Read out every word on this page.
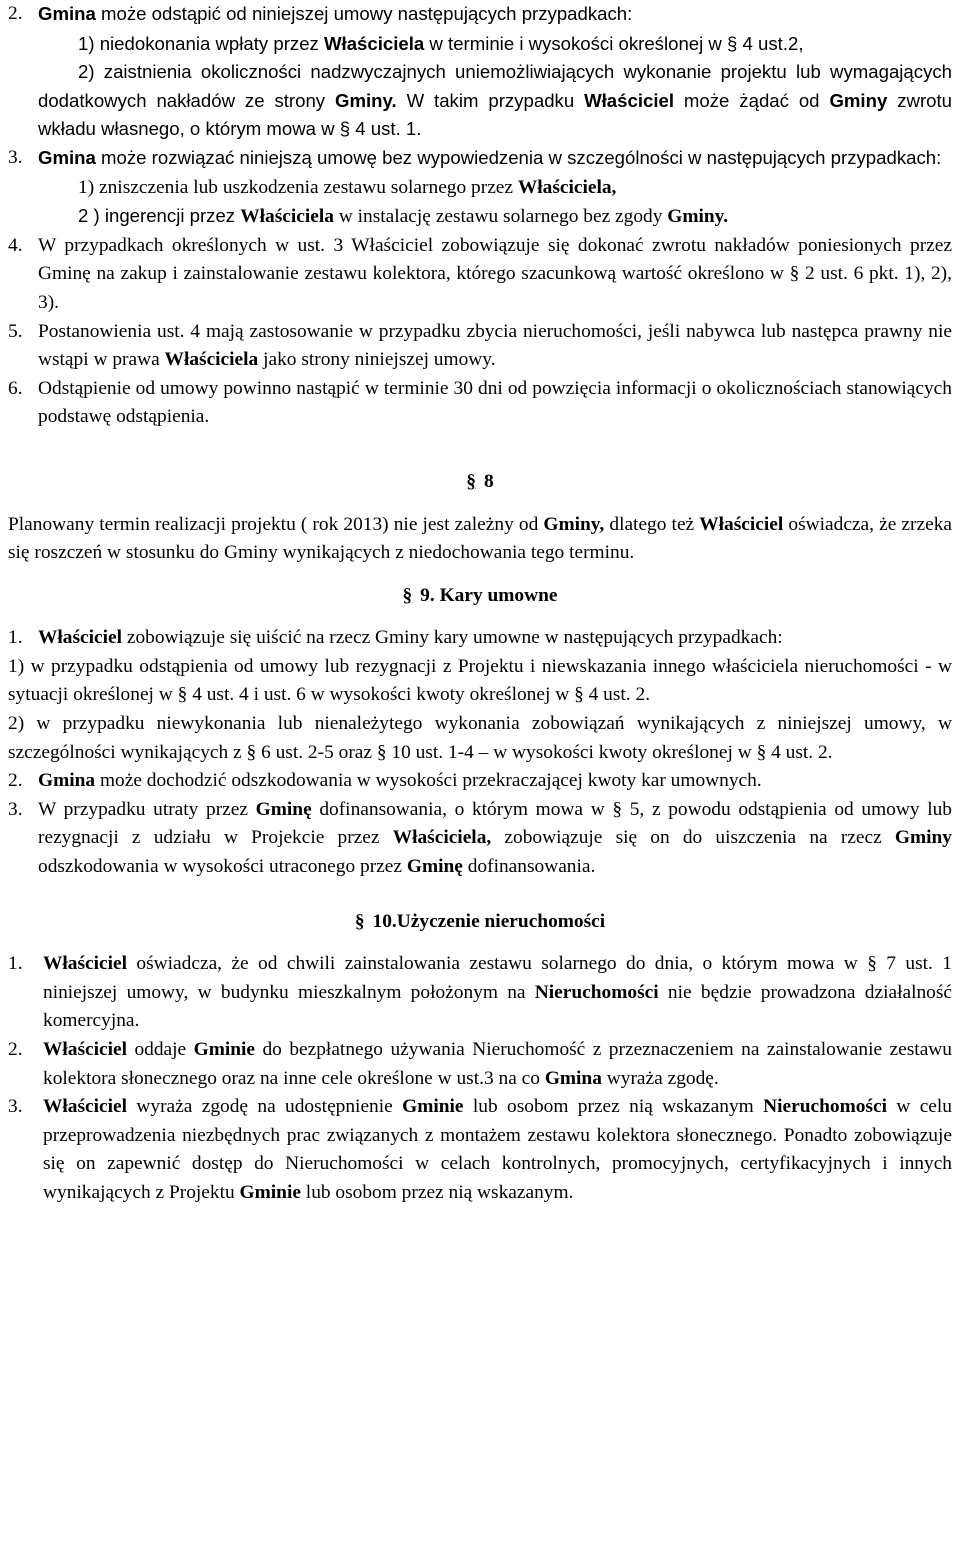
2. Gmina może odstąpić od niniejszej umowy następujących przypadkach:
1) niedokonania wpłaty przez Właściciela w terminie i wysokości określonej w § 4 ust.2,
2) zaistnienia okoliczności nadzwyczajnych uniemożliwiających wykonanie projektu lub wymagających dodatkowych nakładów ze strony Gminy. W takim przypadku Właściciel może żądać od Gminy zwrotu wkładu własnego, o którym mowa w § 4 ust. 1.
3. Gmina może rozwiązać niniejszą umowę bez wypowiedzenia w szczególności w następujących przypadkach:
1) zniszczenia lub uszkodzenia zestawu solarnego przez Właściciela,
2 ) ingerencji przez Właściciela w instalację zestawu solarnego bez zgody Gminy.
4. W przypadkach określonych w ust. 3 Właściciel zobowiązuje się dokonać zwrotu nakładów poniesionych przez Gminę na zakup i zainstalowanie zestawu kolektora, którego szacunkową wartość określono w § 2 ust. 6 pkt. 1), 2), 3).
5. Postanowienia ust. 4 mają zastosowanie w przypadku zbycia nieruchomości, jeśli nabywca lub następca prawny nie wstąpi w prawa Właściciela jako strony niniejszej umowy.
6. Odstąpienie od umowy powinno nastąpić w terminie 30 dni od powzięcia informacji o okolicznościach stanowiących podstawę odstąpienia.
§ 8
Planowany termin realizacji projektu ( rok 2013) nie jest zależny od Gminy, dlatego też Właściciel oświadcza, że zrzeka się roszczeń w stosunku do Gminy wynikających z niedochowania tego terminu.
§ 9. Kary umowne
1. Właściciel zobowiązuje się uiścić na rzecz Gminy kary umowne w następujących przypadkach:
1) w przypadku odstąpienia od umowy lub rezygnacji z Projektu i niewskazania innego właściciela nieruchomości - w sytuacji określonej w § 4 ust. 4 i ust. 6 w wysokości kwoty określonej w § 4 ust. 2.
2) w przypadku niewykonania lub nienależytego wykonania zobowiązań wynikających z niniejszej umowy, w szczególności wynikających z § 6 ust. 2-5 oraz § 10 ust. 1-4 – w wysokości kwoty określonej w § 4 ust. 2.
2. Gmina może dochodzić odszkodowania w wysokości przekraczającej kwoty kar umownych.
3. W przypadku utraty przez Gminę dofinansowania, o którym mowa w § 5, z powodu odstąpienia od umowy lub rezygnacji z udziału w Projekcie przez Właściciela, zobowiązuje się on do uiszczenia na rzecz Gminy odszkodowania w wysokości utraconego przez Gminę dofinansowania.
§ 10.Użyczenie nieruchomości
1. Właściciel oświadcza, że od chwili zainstalowania zestawu solarnego do dnia, o którym mowa w § 7 ust. 1 niniejszej umowy, w budynku mieszkalnym położonym na Nieruchomości nie będzie prowadzona działalność komercyjna.
2. Właściciel oddaje Gminie do bezpłatnego używania Nieruchomość z przeznaczeniem na zainstalowanie zestawu kolektora słonecznego oraz na inne cele określone w ust.3 na co Gmina wyraża zgodę.
3. Właściciel wyraża zgodę na udostępnienie Gminie lub osobom przez nią wskazanym Nieruchomości w celu przeprowadzenia niezbędnych prac związanych z montażem zestawu kolektora słonecznego. Ponadto zobowiązuje się on zapewnić dostęp do Nieruchomości w celach kontrolnych, promocyjnych, certyfikacyjnych i innych wynikających z Projektu Gminie lub osobom przez nią wskazanym.
